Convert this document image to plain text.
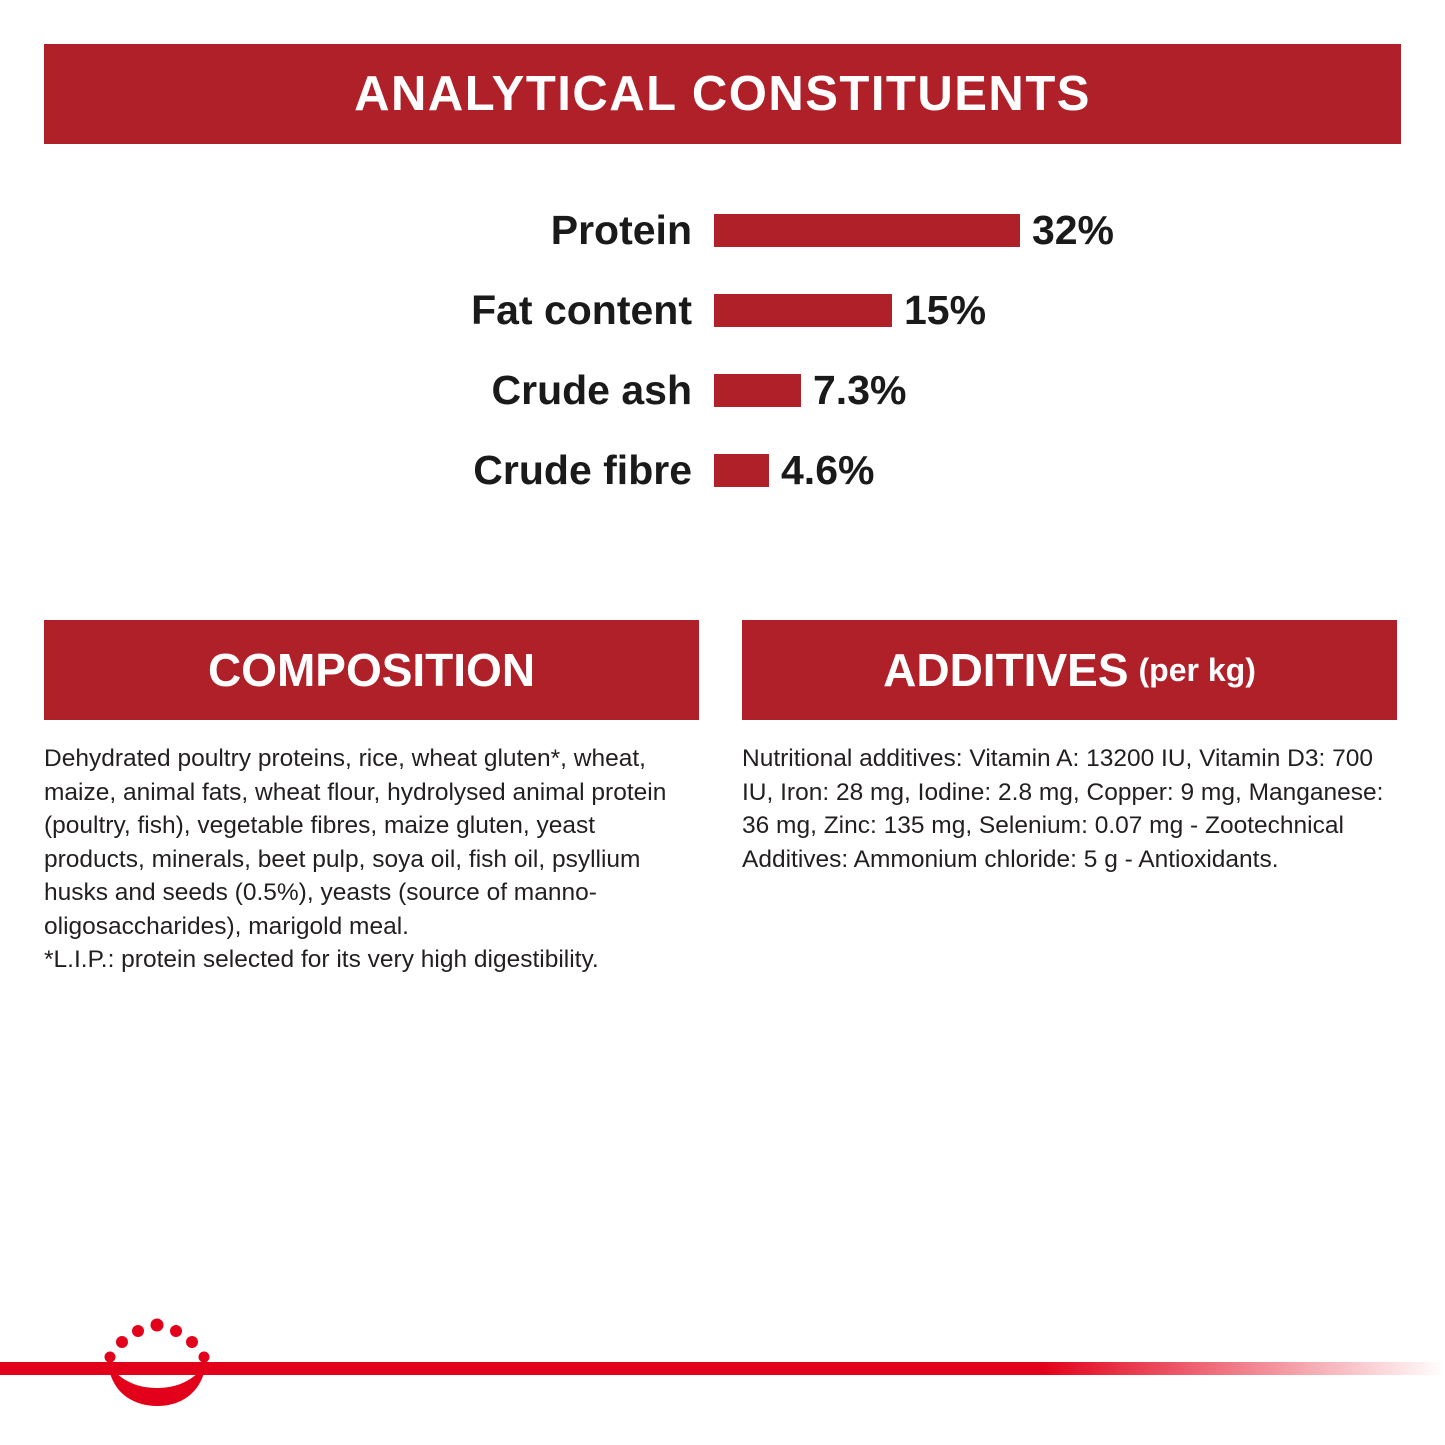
ANALYTICAL CONSTITUENTS
Protein	32%
Fat content	15%
Crude ash	7.3%
Crude fibre	4.6%
COMPOSITION

Dehydrated poultry proteins, rice, wheat gluten*, wheat, maize, animal fats, wheat flour, hydrolysed animal protein (poultry, fish), vegetable fibres, maize gluten, yeast products, minerals, beet pulp, soya oil, fish oil, psyllium husks and seeds (0.5%), yeasts (source of manno-oligosaccharides), marigold meal.

*L.I.P.: protein selected for its very high digestibility.

ADDITIVES (per kg)

Nutritional additives: Vitamin A: 13200 IU, Vitamin D3: 700 IU, Iron: 28 mg, Iodine: 2.8 mg, Copper: 9 mg, Manganese: 36 mg, Zinc: 135 mg, Selenium: 0.07 mg - Zootechnical Additives: Ammonium chloride: 5 g - Antioxidants.
